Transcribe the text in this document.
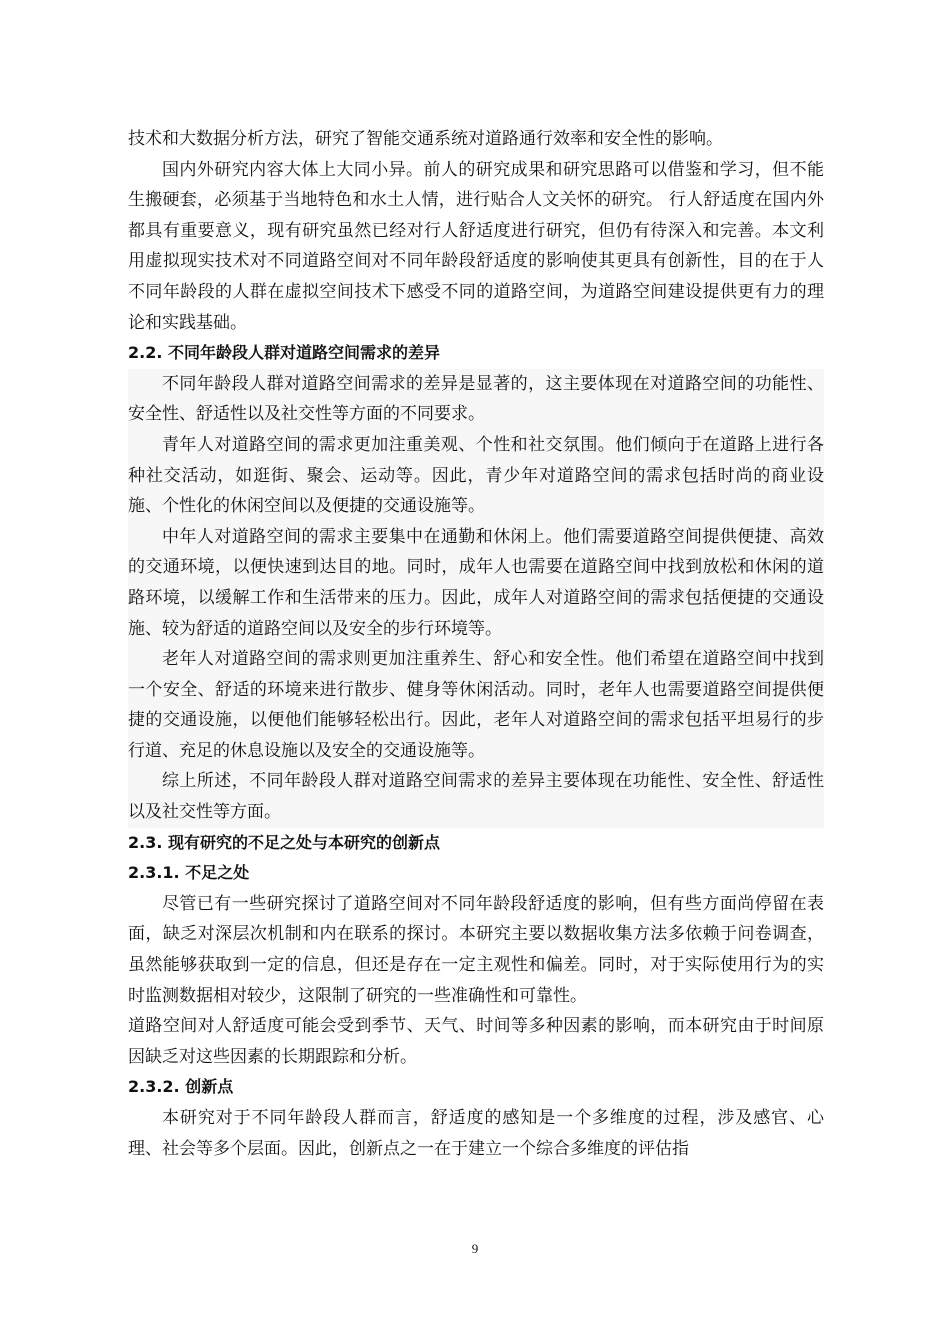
技术和大数据分析方法，研究了智能交通系统对道路通行效率和安全性的影响。

国内外研究内容大体上大同小异。前人的研究成果和研究思路可以借鉴和学习，但不能生搬硬套，必须基于当地特色和水土人情，进行贴合人文关怀的研究。 行人舒适度在国内外都具有重要意义，现有研究虽然已经对行人舒适度进行研究，但仍有待深入和完善。本文利用虚拟现实技术对不同道路空间对不同年龄段舒适度的影响使其更具有创新性，目的在于人不同年龄段的人群在虚拟空间技术下感受不同的道路空间，为道路空间建设提供更有力的理论和实践基础。

2.2. 不同年龄段人群对道路空间需求的差异

不同年龄段人群对道路空间需求的差异是显著的，这主要体现在对道路空间的功能性、安全性、舒适性以及社交性等方面的不同要求。

青年人对道路空间的需求更加注重美观、个性和社交氛围。他们倾向于在道路上进行各种社交活动，如逛街、聚会、运动等。因此，青少年对道路空间的需求包括时尚的商业设施、个性化的休闲空间以及便捷的交通设施等。

中年人对道路空间的需求主要集中在通勤和休闲上。他们需要道路空间提供便捷、高效的交通环境，以便快速到达目的地。同时，成年人也需要在道路空间中找到放松和休闲的道路环境，以缓解工作和生活带来的压力。因此，成年人对道路空间的需求包括便捷的交通设施、较为舒适的道路空间以及安全的步行环境等。

老年人对道路空间的需求则更加注重养生、舒心和安全性。他们希望在道路空间中找到一个安全、舒适的环境来进行散步、健身等休闲活动。同时，老年人也需要道路空间提供便捷的交通设施，以便他们能够轻松出行。因此，老年人对道路空间的需求包括平坦易行的步行道、充足的休息设施以及安全的交通设施等。

综上所述，不同年龄段人群对道路空间需求的差异主要体现在功能性、安全性、舒适性以及社交性等方面。

2.3. 现有研究的不足之处与本研究的创新点
2.3.1. 不足之处

尽管已有一些研究探讨了道路空间对不同年龄段舒适度的影响，但有些方面尚停留在表面，缺乏对深层次机制和内在联系的探讨。本研究主要以数据收集方法多依赖于问卷调查，虽然能够获取到一定的信息，但还是存在一定主观性和偏差。同时，对于实际使用行为的实时监测数据相对较少，这限制了研究的一些准确性和可靠性。

道路空间对人舒适度可能会受到季节、天气、时间等多种因素的影响，而本研究由于时间原因缺乏对这些因素的长期跟踪和分析。

2.3.2. 创新点

本研究对于不同年龄段人群而言，舒适度的感知是一个多维度的过程，涉及感官、心理、社会等多个层面。因此，创新点之一在于建立一个综合多维度的评估指

9
